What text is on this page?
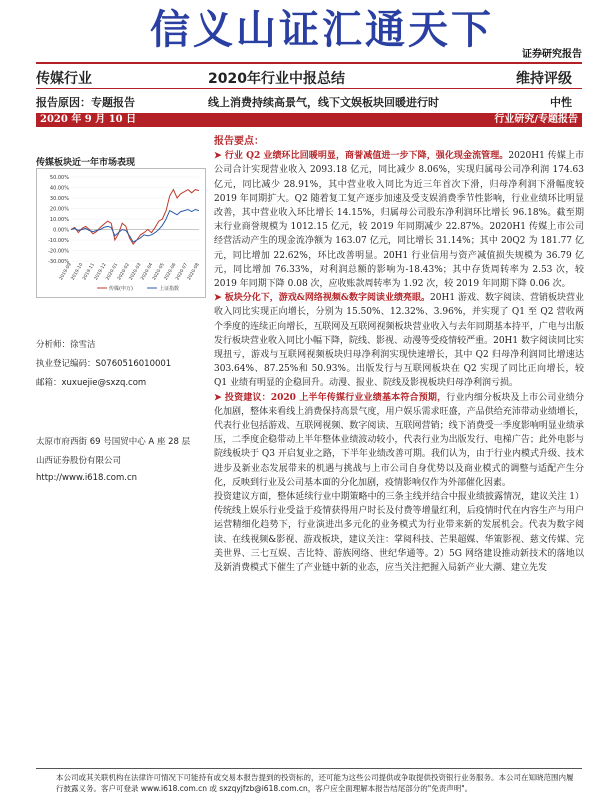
信义山证汇通天下
证券研究报告
传媒行业	2020年行业中报总结	维持评级
报告原因：专题报告	线上消费持续高景气，线下文娱板块回暖进行时	中性
2020 年 9 月 10 日	行业研究/专题报告
传媒板块近一年市场表现
50.00%
40.00%
30.00%
20.00%
10.00%
0.00%
-10.00%
-20.00%
-30.00%
2019-09
2019-10
2019-11
2019-12
2020-01
2020-02
2020-03
2020-04
2020-05
2020-06
2020-07
2020-08
传媒(申万)	上证指数
分析师：徐雪洁
执业登记编码：S0760516010001
邮箱：xuxuejie@sxzq.com
太原市府西街 69 号国贸中心 A 座 28 层
山西证券股份有限公司
http://www.i618.com.cn

报告要点：

➤ 行业 Q2 业绩环比回暖明显，商誉减值进一步下降，强化现金流管理。2020H1 传媒上市公司合计实现营业收入 2093.18 亿元，同比减少 8.06%，实现归属母公司净利润 174.63 亿元，同比减少 28.91%，其中营业收入同比为近三年首次下滑，归母净利润下滑幅度较 2019 年同期扩大。Q2 随着复工复产逐步加速及受支娱消费季节性影响，行业业绩环比明显改善，其中营业收入环比增长 14.15%，归属母公司股东净利润环比增长 96.18%。截至期末行业商誉规模为 1012.15 亿元，较 2019 年同期减少 22.87%。2020H1 传媒上市公司经营活动产生的现金流净额为 163.07 亿元，同比增长 31.14%；其中 20Q2 为 181.77 亿元，同比增加 22.62%，环比改善明显。20H1 行业信用与资产减值损失规模为 36.79 亿元，同比增加 76.33%，对利润总额的影响为-18.43%；其中存货周转率为 2.53 次，较 2019 年同期下降 0.08 次，应收账款周转率为 1.92 次，较 2019 年同期下降 0.06 次。

➤ 板块分化下，游戏&网络视频&数字阅读业绩亮眼。20H1 游戏、数字阅读、营销板块营业收入同比实现正向增长，分别为 15.50%、12.32%、3.96%，并实现了 Q1 至 Q2 营收两个季度的连续正向增长，互联网及互联网视频板块营业收入与去年同期基本持平，广电与出版发行板块营业收入同比小幅下降，院线、影视、动漫等受疫情较严重。20H1 数字阅读同比实现扭亏，游戏与互联网视频板块归母净利润实现快速增长，其中 Q2 归母净利润同比增速达 303.64%、87.25%和 50.93%。出版发行与互联网板块在 Q2 实现了同比正向增长，较 Q1 业绩有明显的企稳回升。动漫、报业、院线及影视板块归母净利润亏损。

➤ 投资建议：2020 上半年传媒行业业绩基本符合预期，行业内细分板块及上市公司业绩分化加剧，整体来看线上消费保持高景气度，用户娱乐需求旺盛，产品供给充沛带动业绩增长，代表行业包括游戏、互联网视频、数字阅读、互联网营销；线下消费受一季度影响明显业绩承压，二季度企稳带动上半年整体业绩波动较小，代表行业为出版发行、电梯广告；此外电影与院线板块于 Q3 开启复业之路，下半年业绩改善可期。我们认为，由于行业内模式升级、技术进步及新业态发展带来的机遇与挑战与上市公司自身优势以及商业模式的调整与适配产生分化，反映到行业及公司基本面的分化加剧，疫情影响仅作为外部催化因素。

投资建议方面，整体延续行业中期策略中的三条主线并结合中报业绩披露情况，建议关注 1）传统线上娱乐行业受益于疫情获得用户时长及付费等增量红利，后疫情时代在内容生产与用户运营精细化趋势下，行业演进出多元化的业务模式为行业带来新的发展机会。代表为数字阅读、在线视频&影视、游戏板块，建议关注：掌阅科技、芒果超媒、华策影视、慈文传媒、完美世界、三七互娱、吉比特、游族网络、世纪华通等。2）5G 网络建设推动新技术的落地以及新消费模式下催生了产业链中新的业态，应当关注把握入局新产业大潮、建立先发

本公司或其关联机构在法律许可情况下可能持有或交易本报告提到的投资标的，还可能为这些公司提供或争取提供投资银行业务服务。本公司在知晓范围内履行披露义务。客户可登录 www.i618.com.cn 或 sxzqyjfzb@i618.com.cn，客户应全面理解本报告结尾部分的"免责声明"。
